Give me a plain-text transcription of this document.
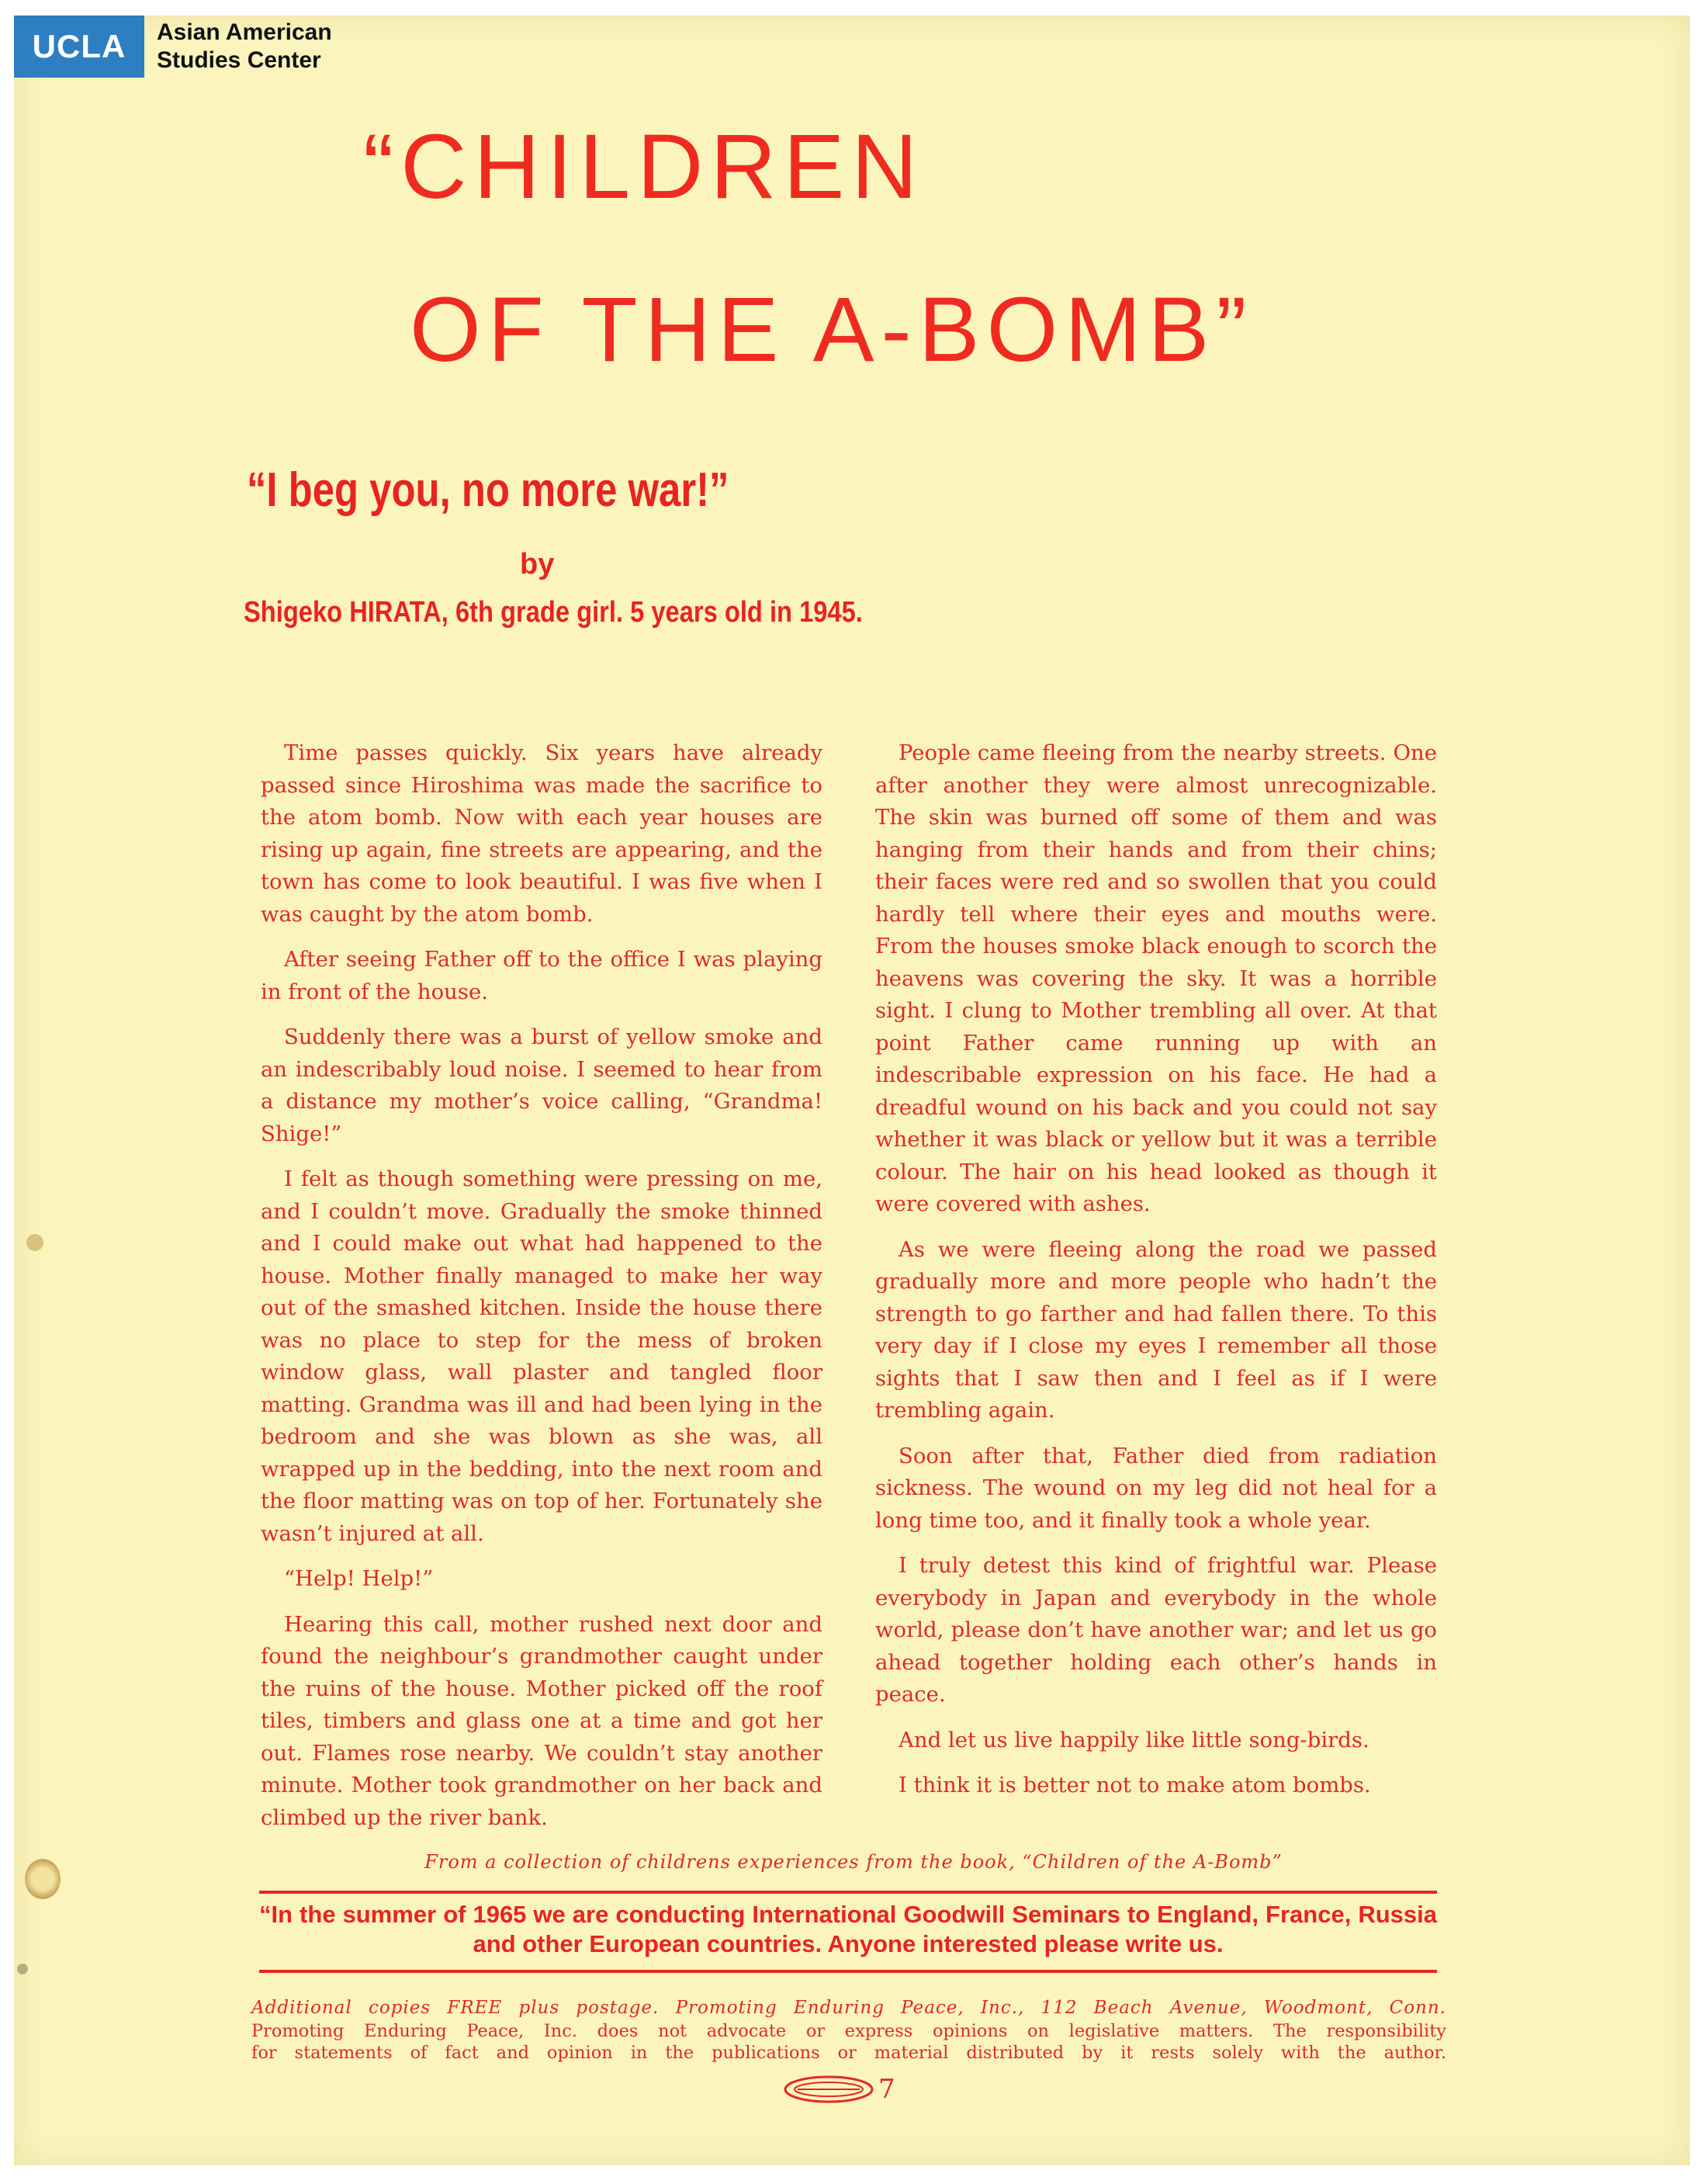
UCLA	Asian American
Studies Center
“CHILDREN
OF THE A-BOMB”
“I beg you, no more war!”
by
Shigeko HIRATA, 6th grade girl. 5 years old in 1945.

Time passes quickly. Six years have already passed since Hiroshima was made the sacrifice to the atom bomb. Now with each year houses are rising up again, fine streets are appearing, and the town has come to look beautiful. I was five when I was caught by the atom bomb.

After seeing Father off to the office I was playing in front of the house.

Suddenly there was a burst of yellow smoke and an indescribably loud noise. I seemed to hear from a distance my mother’s voice calling, “Grandma! Shige!”

I felt as though something were pressing on me, and I couldn’t move. Gradually the smoke thinned and I could make out what had happened to the house. Mother finally managed to make her way out of the smashed kitchen. Inside the house there was no place to step for the mess of broken window glass, wall plaster and tangled floor matting. Grandma was ill and had been lying in the bedroom and she was blown as she was, all wrapped up in the bedding, into the next room and the floor matting was on top of her. Fortunately she wasn’t injured at all.

“Help! Help!”

Hearing this call, mother rushed next door and found the neighbour’s grandmother caught under the ruins of the house. Mother picked off the roof tiles, timbers and glass one at a time and got her out. Flames rose nearby. We couldn’t stay another minute. Mother took grandmother on her back and climbed up the river bank.

People came fleeing from the nearby streets. One after another they were almost unrecognizable. The skin was burned off some of them and was hanging from their hands and from their chins; their faces were red and so swollen that you could hardly tell where their eyes and mouths were. From the houses smoke black enough to scorch the heavens was covering the sky. It was a horrible sight. I clung to Mother trembling all over. At that point Father came running up with an indescribable expression on his face. He had a dreadful wound on his back and you could not say whether it was black or yellow but it was a terrible colour. The hair on his head looked as though it were covered with ashes.

As we were fleeing along the road we passed gradually more and more people who hadn’t the strength to go farther and had fallen there. To this very day if I close my eyes I remember all those sights that I saw then and I feel as if I were trembling again.

Soon after that, Father died from radiation sickness. The wound on my leg did not heal for a long time too, and it finally took a whole year.

I truly detest this kind of frightful war. Please everybody in Japan and everybody in the whole world, please don’t have another war; and let us go ahead together holding each other’s hands in peace.

And let us live happily like little song-birds.

I think it is better not to make atom bombs.

From a collection of childrens experiences from the book, “Children of the A-Bomb”
“In the summer of 1965 we are conducting International Goodwill Seminars to England, France, Russia and other European countries. Anyone interested please write us.
Additional copies FREE plus postage. Promoting Enduring Peace, Inc., 112 Beach Avenue, Woodmont, Conn.
Promoting Enduring Peace, Inc. does not advocate or express opinions on legislative matters. The responsibility
for statements of fact and opinion in the publications or material distributed by it rests solely with the author.
7
